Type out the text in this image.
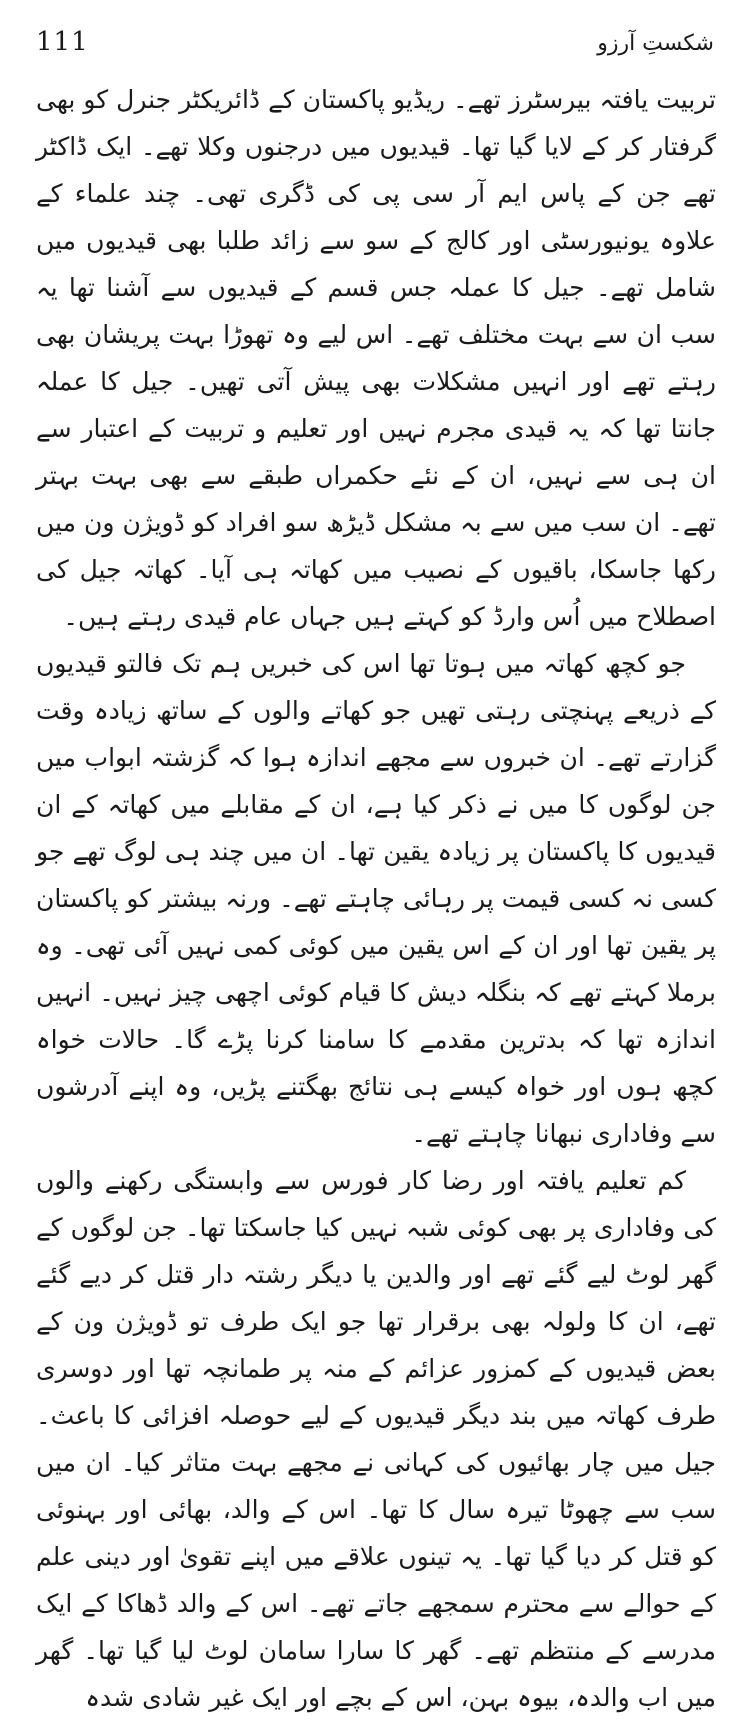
111	شکستِ آرزو

تربیت یافتہ بیرسٹرز تھے۔ ریڈیو پاکستان کے ڈائریکٹر جنرل کو بھی گرفتار کر کے لایا گیا تھا۔ قیدیوں میں درجنوں وکلا تھے۔ ایک ڈاکٹر تھے جن کے پاس ایم آر سی پی کی ڈگری تھی۔ چند علماء کے علاوہ یونیورسٹی اور کالج کے سو سے زائد طلبا بھی قیدیوں میں شامل تھے۔ جیل کا عملہ جس قسم کے قیدیوں سے آشنا تھا یہ سب ان سے بہت مختلف تھے۔ اس لیے وہ تھوڑا بہت پریشان بھی رہتے تھے اور انہیں مشکلات بھی پیش آتی تھیں۔ جیل کا عملہ جانتا تھا کہ یہ قیدی مجرم نہیں اور تعلیم و تربیت کے اعتبار سے ان ہی سے نہیں، ان کے نئے حکمراں طبقے سے بھی بہت بہتر تھے۔ ان سب میں سے بہ مشکل ڈیڑھ سو افراد کو ڈویژن ون میں رکھا جاسکا، باقیوں کے نصیب میں کھاتہ ہی آیا۔ کھاتہ جیل کی اصطلاح میں اُس وارڈ کو کہتے ہیں جہاں عام قیدی رہتے ہیں۔

جو کچھ کھاتہ میں ہوتا تھا اس کی خبریں ہم تک فالتو قیدیوں کے ذریعے پہنچتی رہتی تھیں جو کھاتے والوں کے ساتھ زیادہ وقت گزارتے تھے۔ ان خبروں سے مجھے اندازہ ہوا کہ گزشتہ ابواب میں جن لوگوں کا میں نے ذکر کیا ہے، ان کے مقابلے میں کھاتہ کے ان قیدیوں کا پاکستان پر زیادہ یقین تھا۔ ان میں چند ہی لوگ تھے جو کسی نہ کسی قیمت پر رہائی چاہتے تھے۔ ورنہ بیشتر کو پاکستان پر یقین تھا اور ان کے اس یقین میں کوئی کمی نہیں آئی تھی۔ وہ برملا کہتے تھے کہ بنگلہ دیش کا قیام کوئی اچھی چیز نہیں۔ انہیں اندازہ تھا کہ بدترین مقدمے کا سامنا کرنا پڑے گا۔ حالات خواہ کچھ ہوں اور خواہ کیسے ہی نتائج بھگتنے پڑیں، وہ اپنے آدرشوں سے وفاداری نبھانا چاہتے تھے۔

کم تعلیم یافتہ اور رضا کار فورس سے وابستگی رکھنے والوں کی وفاداری پر بھی کوئی شبہ نہیں کیا جاسکتا تھا۔ جن لوگوں کے گھر لوٹ لیے گئے تھے اور والدین یا دیگر رشتہ دار قتل کر دیے گئے تھے، ان کا ولولہ بھی برقرار تھا جو ایک طرف تو ڈویژن ون کے بعض قیدیوں کے کمزور عزائم کے منہ پر طمانچہ تھا اور دوسری طرف کھاتہ میں بند دیگر قیدیوں کے لیے حوصلہ افزائی کا باعث۔ جیل میں چار بھائیوں کی کہانی نے مجھے بہت متاثر کیا۔ ان میں سب سے چھوٹا تیرہ سال کا تھا۔ اس کے والد، بھائی اور بہنوئی کو قتل کر دیا گیا تھا۔ یہ تینوں علاقے میں اپنے تقویٰ اور دینی علم کے حوالے سے محترم سمجھے جاتے تھے۔ اس کے والد ڈھاکا کے ایک مدرسے کے منتظم تھے۔ گھر کا سارا سامان لوٹ لیا گیا تھا۔ گھر میں اب والدہ، بیوہ بہن، اس کے بچے اور ایک غیر شادی شدہ
